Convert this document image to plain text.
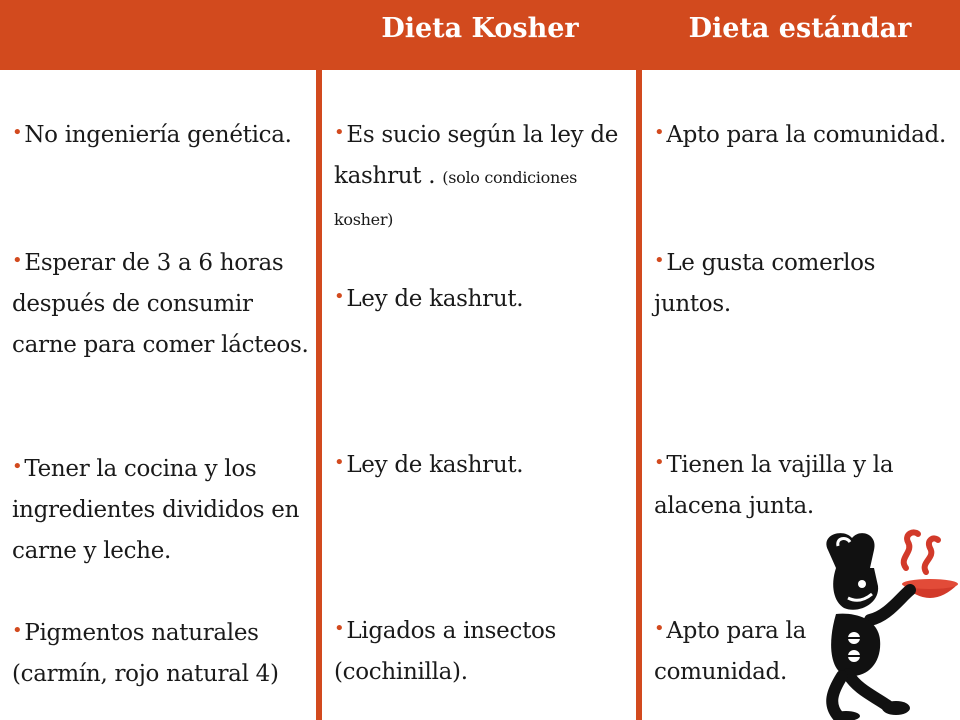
Dieta Kosher	Dieta estándar
•No ingeniería genética.
•Esperar de 3 a 6 horas después de consumir carne para comer lácteos.
•Tener la cocina y los ingredientes divididos en carne y leche.
•Pigmentos naturales (carmín, rojo natural 4)
•Es sucio según la ley de kashrut . (solo condiciones kosher)
•Ley de kashrut.
•Ley de kashrut.
•Ligados a insectos (cochinilla).
•Apto para la comunidad.
•Le gusta comerlos juntos.
•Tienen la vajilla y la alacena junta.
•Apto para la comunidad.
